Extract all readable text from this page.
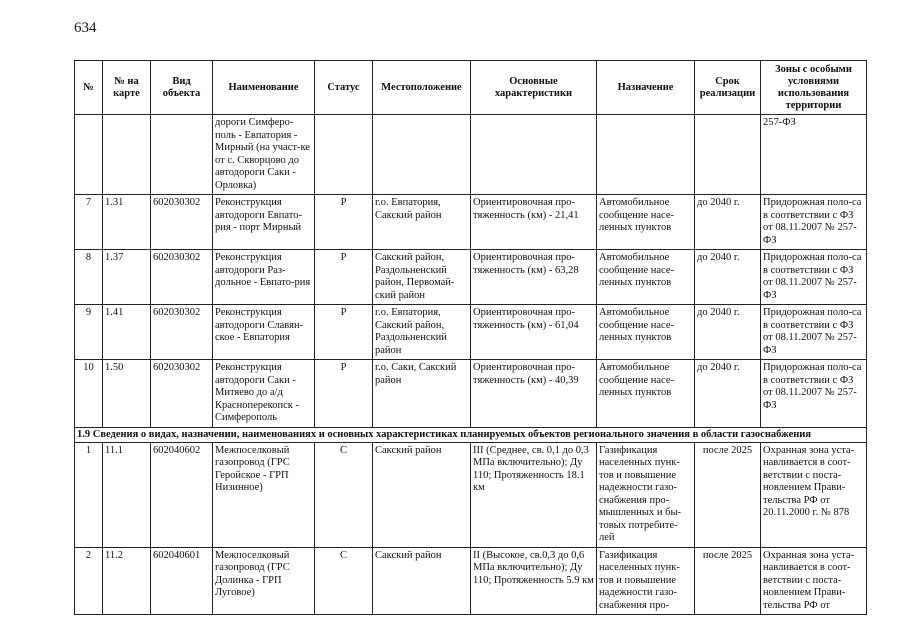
634
№	№ на карте	Вид объекта	Наименование	Статус	Местоположение	Основные характеристики	Назначение	Срок реализации	Зоны с особыми условиями использования территории
			дороги Симферо-поль - Евпатория - Мирный (на участ-ке от с. Скворцово до автодороги Саки - Орловка)						257-ФЗ
7	1.31	602030302	Реконструкция автодороги Евпато-рия - порт Мирный	Р	г.о. Евпатория, Сакский район	Ориентировочная про-тяженность (км) - 21,41	Автомобильное сообщение насе-ленных пунктов	до 2040 г.	Придорожная поло-са в соответствии с ФЗ от 08.11.2007 № 257-ФЗ
8	1.37	602030302	Реконструкция автодороги Раз-дольное - Евпато-рия	Р	Сакский район, Раздольненский район, Первомай-ский район	Ориентировочная про-тяженность (км) - 63,28	Автомобильное сообщение насе-ленных пунктов	до 2040 г.	Придорожная поло-са в соответствии с ФЗ от 08.11.2007 № 257-ФЗ
9	1.41	602030302	Реконструкция автодороги Славян-ское - Евпатория	Р	г.о. Евпатория, Сакский район, Раздольненский район	Ориентировочная про-тяженность (км) - 61,04	Автомобильное сообщение насе-ленных пунктов	до 2040 г.	Придорожная поло-са в соответствии с ФЗ от 08.11.2007 № 257-ФЗ
10	1.50	602030302	Реконструкция автодороги Саки - Митяево до а/д Красноперекопск - Симферополь	Р	г.о. Саки, Сакский район	Ориентировочная про-тяженность (км) - 40,39	Автомобильное сообщение насе-ленных пунктов	до 2040 г.	Придорожная поло-са в соответствии с ФЗ от 08.11.2007 № 257-ФЗ
1.9 Сведения о видах, назначении, наименованиях и основных характеристиках планируемых объектов регионального значения в области газоснабжения									
1	11.1	602040602	Межпоселковый газопровод (ГРС Геройское - ГРП Низинное)	С	Сакский район	III (Среднее, св. 0,1 до 0,3 МПа включительно); Ду 110; Протяженность 18.1 км	Газификация населенных пунк-тов и повышение надежности газо-снабжения про-мышленных и бы-товых потребите-лей	после 2025	Охранная зона уста-навливается в соот-ветствии с поста-новлением Прави-тельства РФ от 20.11.2000 г. № 878
2	11.2	602040601	Межпоселковый газопровод (ГРС Долинка - ГРП Луговое)	С	Сакский район	II (Высокое, св.0,3 до 0,6 МПа включительно); Ду 110; Протяженность 5.9 км	Газификация населенных пунк-тов и повышение надежности газо-снабжения про-	после 2025	Охранная зона уста-навливается в соот-ветствии с поста-новлением Прави-тельства РФ от
